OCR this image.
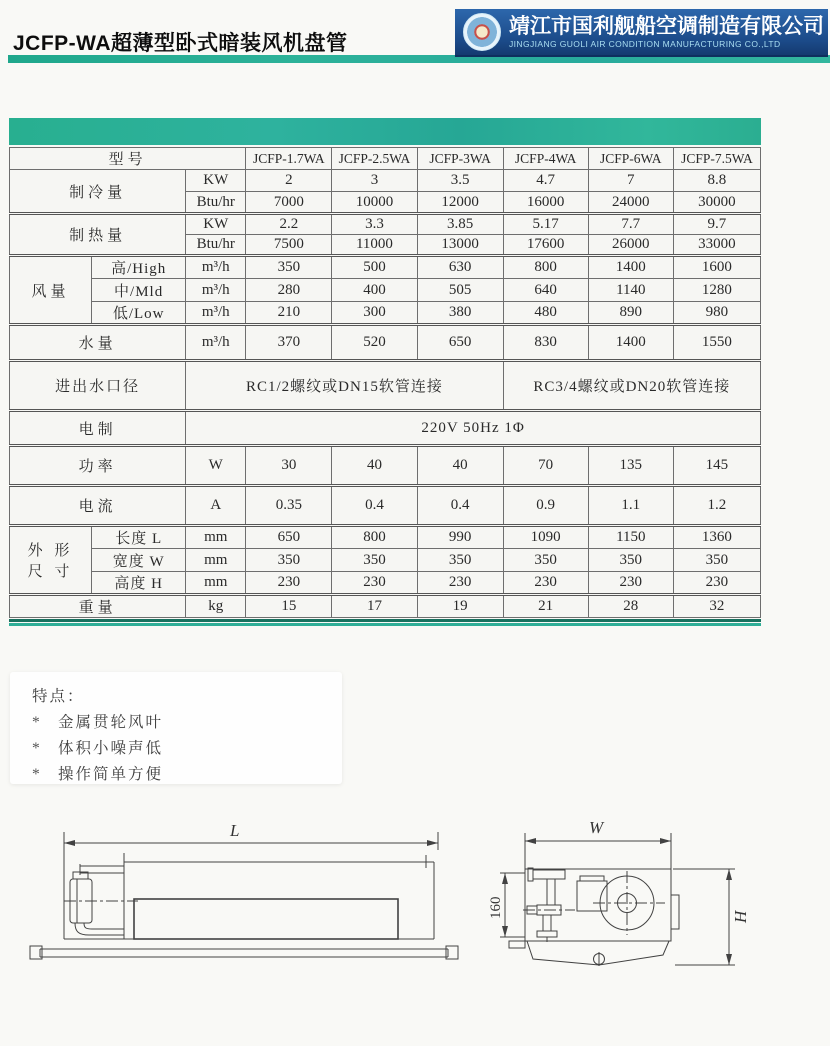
JCFP-WA超薄型卧式暗装风机盘管
靖江市国利舰船空调制造有限公司
JINGJIANG GUOLI AIR CONDITION MANUFACTURING CO.,LTD
型号			JCFP-1.7WA	JCFP-2.5WA	JCFP-3WA	JCFP-4WA	JCFP-6WA	JCFP-7.5WA
制冷量		KW	2	3	3.5	4.7	7	8.8
		Btu/hr	7000	10000	12000	16000	24000	30000
制热量		KW	2.2	3.3	3.85	5.17	7.7	9.7
		Btu/hr	7500	11000	13000	17600	26000	33000
风量	高/High	m³/h	350	500	630	800	1400	1600
	中/Mld	m³/h	280	400	505	640	1140	1280
	低/Low	m³/h	210	300	380	480	890	980
水量		m³/h	370	520	650	830	1400	1550
进出水口径		RC1/2螺纹或DN15软管连接				RC3/4螺纹或DN20软管连接		
电制		220V 50Hz 1Φ						
功率		W	30	40	40	70	135	145
电流		A	0.35	0.4	0.4	0.9	1.1	1.2

外 形
尺 寸	长度 L	mm	650	800	990	1090	1150	1360
	宽度 W	mm	350	350	350	350	350	350
	高度 H	mm	230	230	230	230	230	230
重量		kg	15	17	19	21	28	32
特点：
* 金属贯轮风叶
* 体积小噪声低
* 操作简单方便
L	W
160	H
